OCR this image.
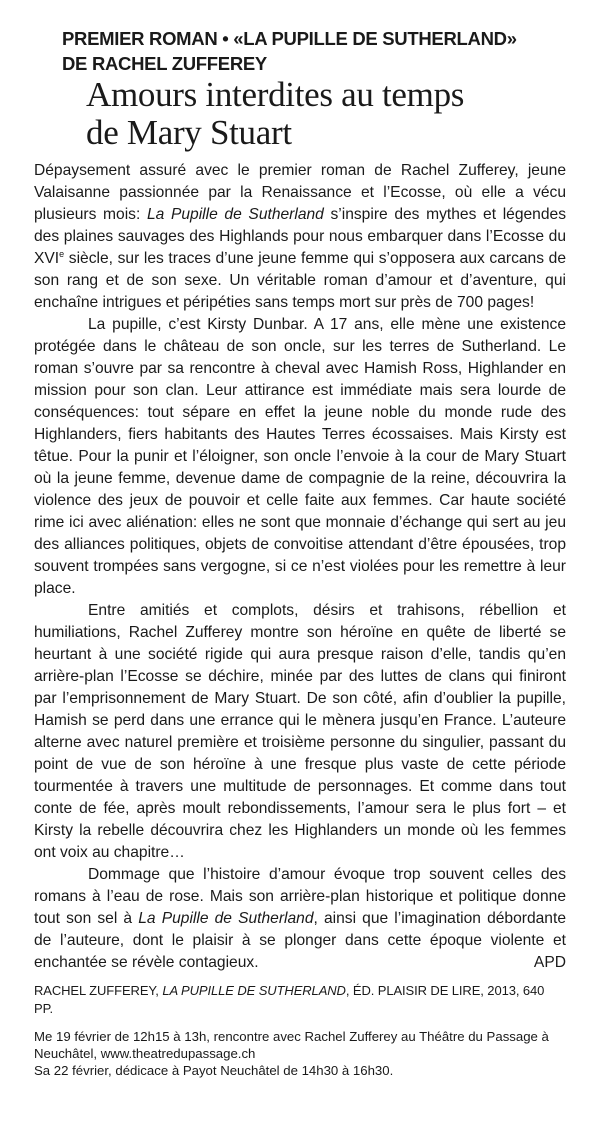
PREMIER ROMAN • «LA PUPILLE DE SUTHERLAND»
DE RACHEL ZUFFEREY
Amours interdites au temps
de Mary Stuart

Dépaysement assuré avec le premier roman de Rachel Zufferey, jeune Valaisanne passionnée par la Renaissance et l’Ecosse, où elle a vécu plusieurs mois: La Pupille de Sutherland s’inspire des mythes et légendes des plaines sauvages des Highlands pour nous embarquer dans l’Ecosse du XVIe siècle, sur les traces d’une jeune femme qui s’opposera aux carcans de son rang et de son sexe. Un véritable roman d’amour et d’aventure, qui enchaîne intrigues et péripéties sans temps mort sur près de 700 pages!

La pupille, c’est Kirsty Dunbar. A 17 ans, elle mène une existence protégée dans le château de son oncle, sur les terres de Sutherland. Le roman s’ouvre par sa rencontre à cheval avec Hamish Ross, Highlander en mission pour son clan. Leur attirance est immédiate mais sera lourde de conséquences: tout sépare en effet la jeune noble du monde rude des Highlanders, fiers habitants des Hautes Terres écossaises. Mais Kirsty est têtue. Pour la punir et l’éloigner, son oncle l’envoie à la cour de Mary Stuart où la jeune femme, devenue dame de compagnie de la reine, découvrira la violence des jeux de pouvoir et celle faite aux femmes. Car haute société rime ici avec aliénation: elles ne sont que monnaie d’échange qui sert au jeu des alliances politiques, objets de convoitise attendant d’être épousées, trop souvent trompées sans vergogne, si ce n’est violées pour les remettre à leur place.

Entre amitiés et complots, désirs et trahisons, rébellion et humiliations, Rachel Zufferey montre son héroïne en quête de liberté se heurtant à une société rigide qui aura presque raison d’elle, tandis qu’en arrière-plan l’Ecosse se déchire, minée par des luttes de clans qui finiront par l’emprisonnement de Mary Stuart. De son côté, afin d’oublier la pupille, Hamish se perd dans une errance qui le mènera jusqu’en France. L’auteure alterne avec naturel première et troisième personne du singulier, passant du point de vue de son héroïne à une fresque plus vaste de cette période tourmentée à travers une multitude de personnages. Et comme dans tout conte de fée, après moult rebondissements, l’amour sera le plus fort – et Kirsty la rebelle découvrira chez les Highlanders un monde où les femmes ont voix au chapitre…

Dommage que l’histoire d’amour évoque trop souvent celles des romans à l’eau de rose. Mais son arrière-plan historique et politique donne tout son sel à La Pupille de Sutherland, ainsi que l’imagination débordante de l’auteure, dont le plaisir à se plonger dans cette époque violente et enchantée se révèle contagieux.	APD

RACHEL ZUFFEREY, LA PUPILLE DE SUTHERLAND, ÉD. PLAISIR DE LIRE, 2013, 640 PP.

Me 19 février de 12h15 à 13h, rencontre avec Rachel Zufferey au Théâtre du Passage à Neuchâtel, www.theatredupassage.ch

Sa 22 février, dédicace à Payot Neuchâtel de 14h30 à 16h30.
